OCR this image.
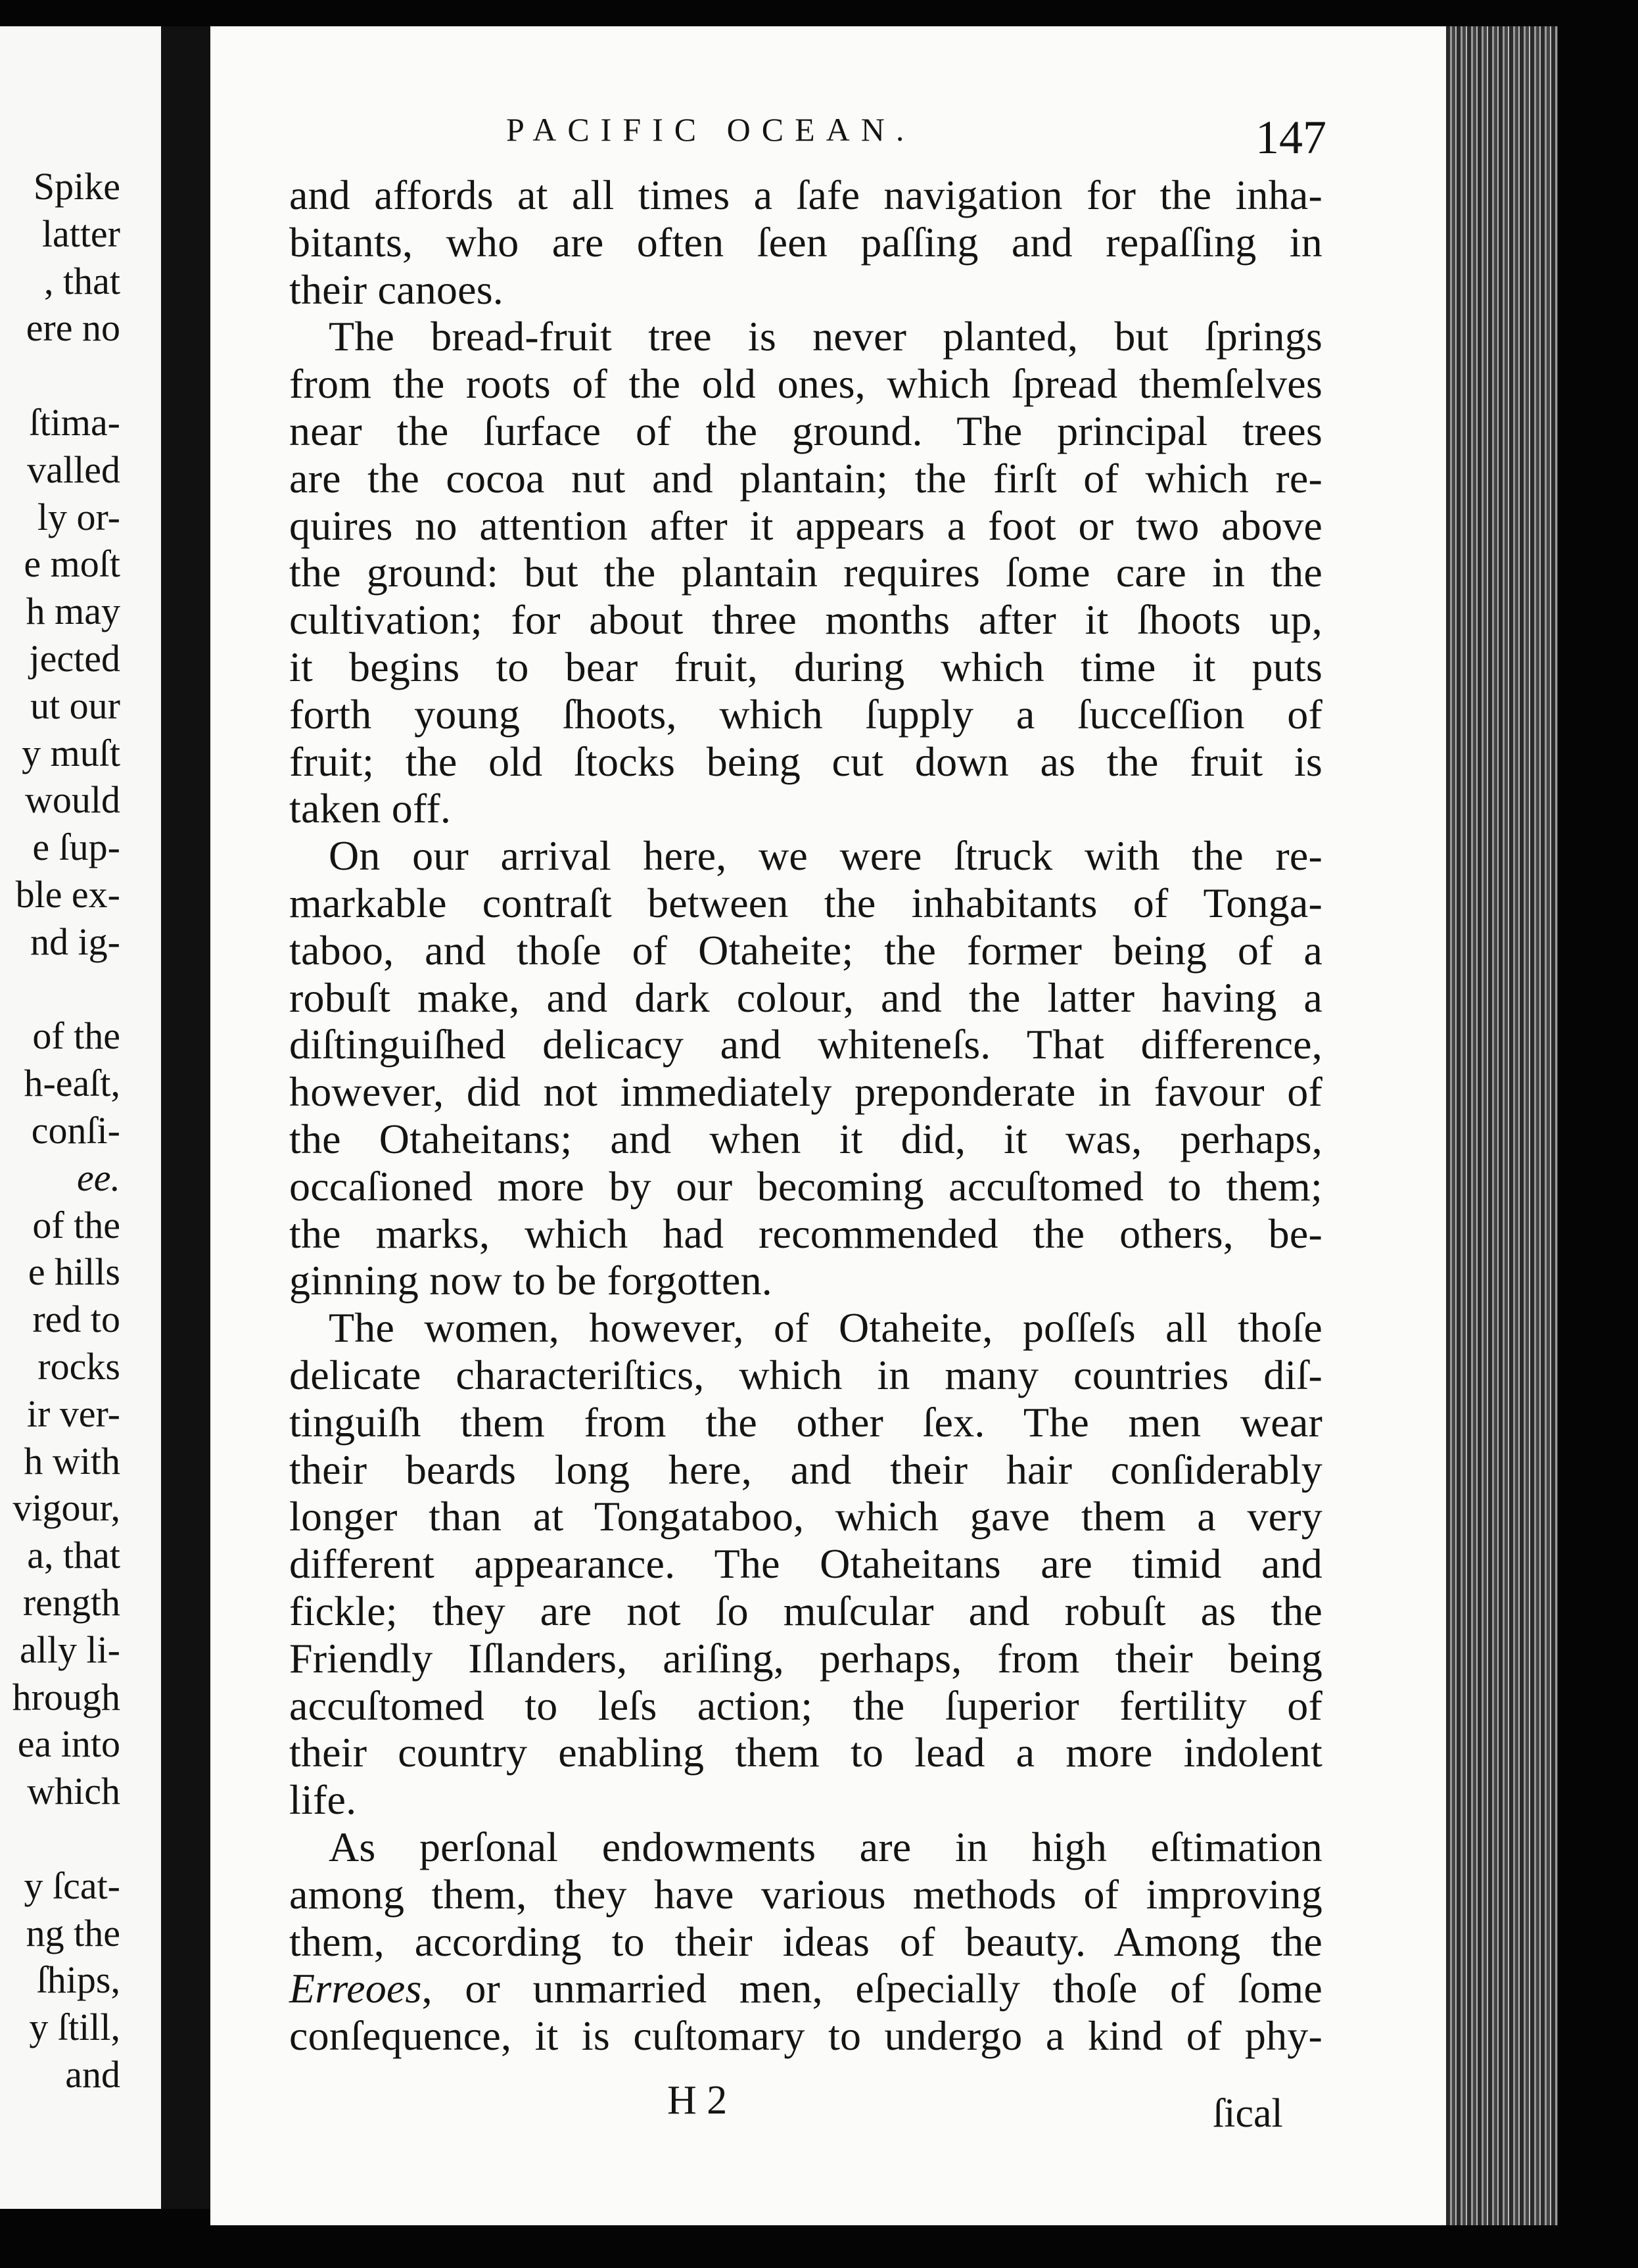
Spike
latter
, that
ere no
ſtima-
valled
ly or-
e moſt
h may
jected
ut our
y muſt
would
e ſup-
ble ex-
nd ig-
of the
h-eaſt,
conſi-
ee.
of the
e hills
red to
rocks
ir ver-
h with
vigour,
a, that
rength
ally li-
hrough
ea into
which
y ſcat-
ng the
ſhips,
y ſtill,
and
PACIFIC OCEAN.	147
and affords at all times a ſafe navigation for the inha-
bitants, who are often ſeen paſſing and repaſſing in
their canoes.
The bread-fruit tree is never planted, but ſprings
from the roots of the old ones, which ſpread themſelves
near the ſurface of the ground. The principal trees
are the cocoa nut and plantain; the firſt of which re-
quires no attention after it appears a foot or two above
the ground: but the plantain requires ſome care in the
cultivation; for about three months after it ſhoots up,
it begins to bear fruit, during which time it puts
forth young ſhoots, which ſupply a ſucceſſion of
fruit; the old ſtocks being cut down as the fruit is
taken off.
On our arrival here, we were ſtruck with the re-
markable contraſt between the inhabitants of Tonga-
taboo, and thoſe of Otaheite; the former being of a
robuſt make, and dark colour, and the latter having a
diſtinguiſhed delicacy and whiteneſs. That difference,
however, did not immediately preponderate in favour of
the Otaheitans; and when it did, it was, perhaps,
occaſioned more by our becoming accuſtomed to them;
the marks, which had recommended the others, be-
ginning now to be forgotten.
The women, however, of Otaheite, poſſeſs all thoſe
delicate characteriſtics, which in many countries diſ-
tinguiſh them from the other ſex. The men wear
their beards long here, and their hair conſiderably
longer than at Tongataboo, which gave them a very
different appearance. The Otaheitans are timid and
fickle; they are not ſo muſcular and robuſt as the
Friendly Iſlanders, ariſing, perhaps, from their being
accuſtomed to leſs action; the ſuperior fertility of
their country enabling them to lead a more indolent
life.
As perſonal endowments are in high eſtimation
among them, they have various methods of improving
them, according to their ideas of beauty. Among the
Erreoes, or unmarried men, eſpecially thoſe of ſome
conſequence, it is cuſtomary to undergo a kind of phy-
H 2	ſical
